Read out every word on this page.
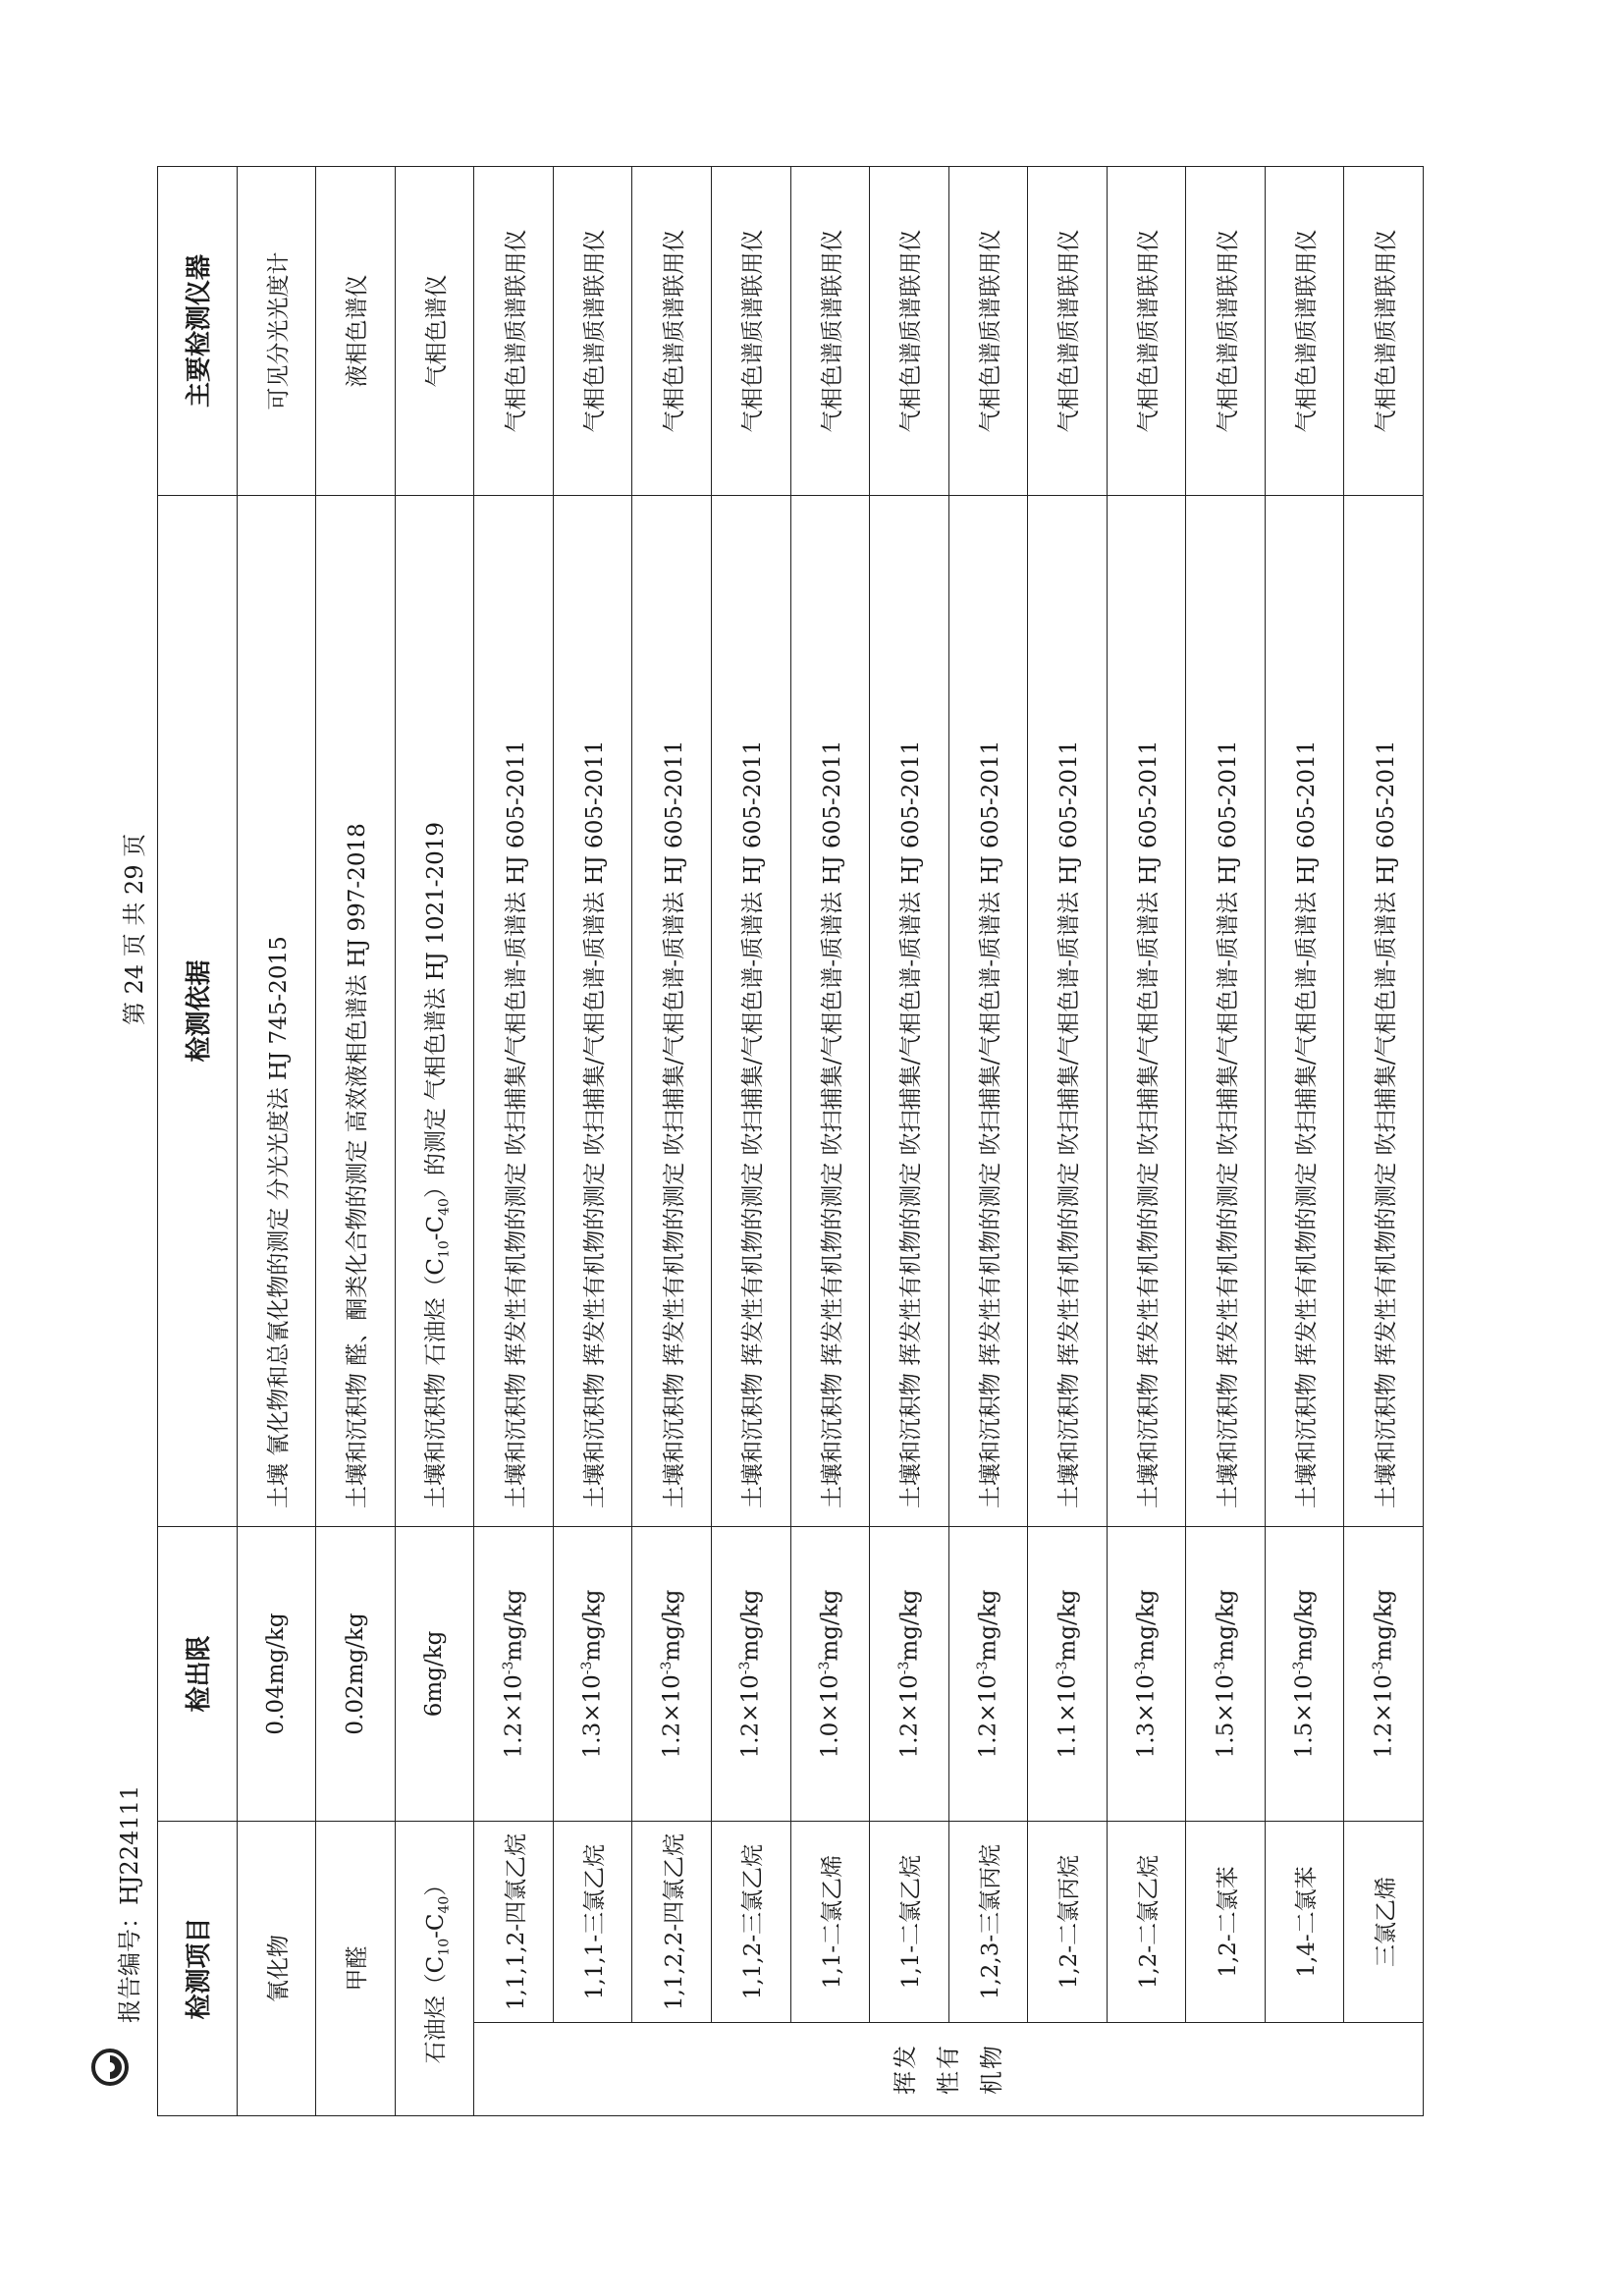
报告编号：HJ224111
第 24 页 共 29 页
检测项目		检出限	检测依据	主要检测仪器
氰化物		0.04mg/kg	土壤 氰化物和总氰化物的测定 分光光度法 HJ 745-2015	可见分光光度计
甲醛		0.02mg/kg	土壤和沉积物 醛、酮类化合物的测定 高效液相色谱法 HJ 997-2018	液相色谱仪
石油烃$(C_{10}-C_{40})$		6mg/kg	土壤和沉积物 石油烃$(C_{10}-C_{40})$的测定 气相色谱法 HJ 1021-2019	气相色谱仪
挥发性有机物	1,1,1,2-四氯乙烷	$1.2\times 10^{-3}mg/kg$	土壤和沉积物 挥发性有机物的测定 吹扫捕集/气相色谱-质谱法 HJ 605-2011	气相色谱质谱联用仪
	1,1,1-三氯乙烷	$1.3\times 10^{-3}mg/kg$	土壤和沉积物 挥发性有机物的测定 吹扫捕集/气相色谱-质谱法 HJ 605-2011	气相色谱质谱联用仪
	1,1,2,2-四氯乙烷	$1.2\times 10^{-3}mg/kg$	土壤和沉积物 挥发性有机物的测定 吹扫捕集/气相色谱-质谱法 HJ 605-2011	气相色谱质谱联用仪
	1,1,2-三氯乙烷	$1.2\times 10^{-3}mg/kg$	土壤和沉积物 挥发性有机物的测定 吹扫捕集/气相色谱-质谱法 HJ 605-2011	气相色谱质谱联用仪
	1,1-二氯乙烯	$1.0\times 10^{-3}mg/kg$	土壤和沉积物 挥发性有机物的测定 吹扫捕集/气相色谱-质谱法 HJ 605-2011	气相色谱质谱联用仪
	1,1-二氯乙烷	$1.2\times 10^{-3}mg/kg$	土壤和沉积物 挥发性有机物的测定 吹扫捕集/气相色谱-质谱法 HJ 605-2011	气相色谱质谱联用仪
	1,2,3-三氯丙烷	$1.2\times 10^{-3}mg/kg$	土壤和沉积物 挥发性有机物的测定 吹扫捕集/气相色谱-质谱法 HJ 605-2011	气相色谱质谱联用仪
	1,2-二氯丙烷	$1.1\times 10^{-3}mg/kg$	土壤和沉积物 挥发性有机物的测定 吹扫捕集/气相色谱-质谱法 HJ 605-2011	气相色谱质谱联用仪
	1,2-二氯乙烷	$1.3\times 10^{-3}mg/kg$	土壤和沉积物 挥发性有机物的测定 吹扫捕集/气相色谱-质谱法 HJ 605-2011	气相色谱质谱联用仪
	1,2-二氯苯	$1.5\times 10^{-3}mg/kg$	土壤和沉积物 挥发性有机物的测定 吹扫捕集/气相色谱-质谱法 HJ 605-2011	气相色谱质谱联用仪
	1,4-二氯苯	$1.5\times 10^{-3}mg/kg$	土壤和沉积物 挥发性有机物的测定 吹扫捕集/气相色谱-质谱法 HJ 605-2011	气相色谱质谱联用仪
	三氯乙烯	$1.2\times 10^{-3}mg/kg$	土壤和沉积物 挥发性有机物的测定 吹扫捕集/气相色谱-质谱法 HJ 605-2011	气相色谱质谱联用仪
